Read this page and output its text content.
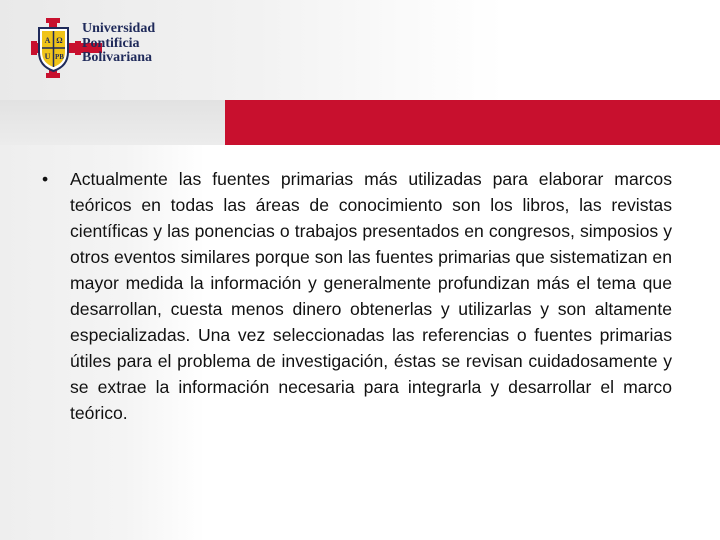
A Ω
U PB
Universidad
Pontificia
Bolivariana
•	Actualmente las fuentes primarias más utilizadas para elaborar marcos teóricos en todas las áreas de conocimiento son los libros, las revistas científicas y las ponencias o trabajos presentados en congresos, simposios y otros eventos similares porque son las fuentes primarias que sistematizan en mayor medida la información y generalmente profundizan más el tema que desarrollan, cuesta menos dinero obtenerlas y utilizarlas y son altamente especializadas. Una vez seleccionadas las referencias o fuentes primarias útiles para el problema de investigación, éstas se revisan cuidadosamente y se extrae la información necesaria para integrarla y desarrollar el marco teórico.
